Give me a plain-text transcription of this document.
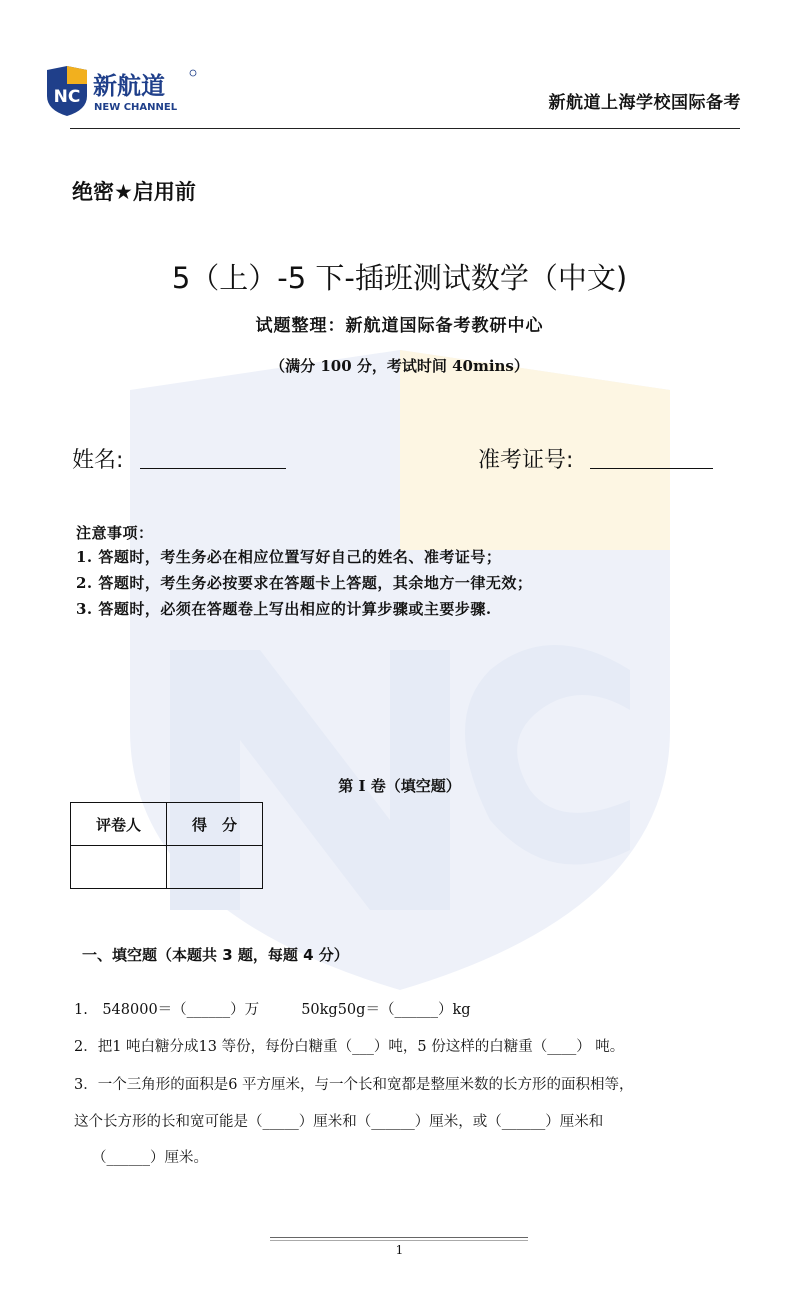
NC 新航道
NEW CHANNEL	新航道上海学校国际备考
绝密★启用前
5（上）-5 下-插班测试数学（中文)
试题整理：新航道国际备考教研中心
（满分 100 分，考试时间 40mins）
姓名:	准考证号:
注意事项：
1. 答题时，考生务必在相应位置写好自己的姓名、准考证号；
2. 答题时，考生务必按要求在答题卡上答题，其余地方一律无效；
3. 答题时，必须在答题卷上写出相应的计算步骤或主要步骤.
第 I 卷（填空题）
评卷人	得　分

一、填空题（本题共 3 题，每题 4 分）
1.　548000＝（______）万	50kg50g＝（______）kg
2．把1 吨白糖分成13 等份，每份白糖重（___）吨，5 份这样的白糖重（____） 吨。
3．一个三角形的面积是6 平方厘米，与一个长和宽都是整厘米数的长方形的面积相等，
这个长方形的长和宽可能是（_____）厘米和（______）厘米，或（______）厘米和
（______）厘米。
1
